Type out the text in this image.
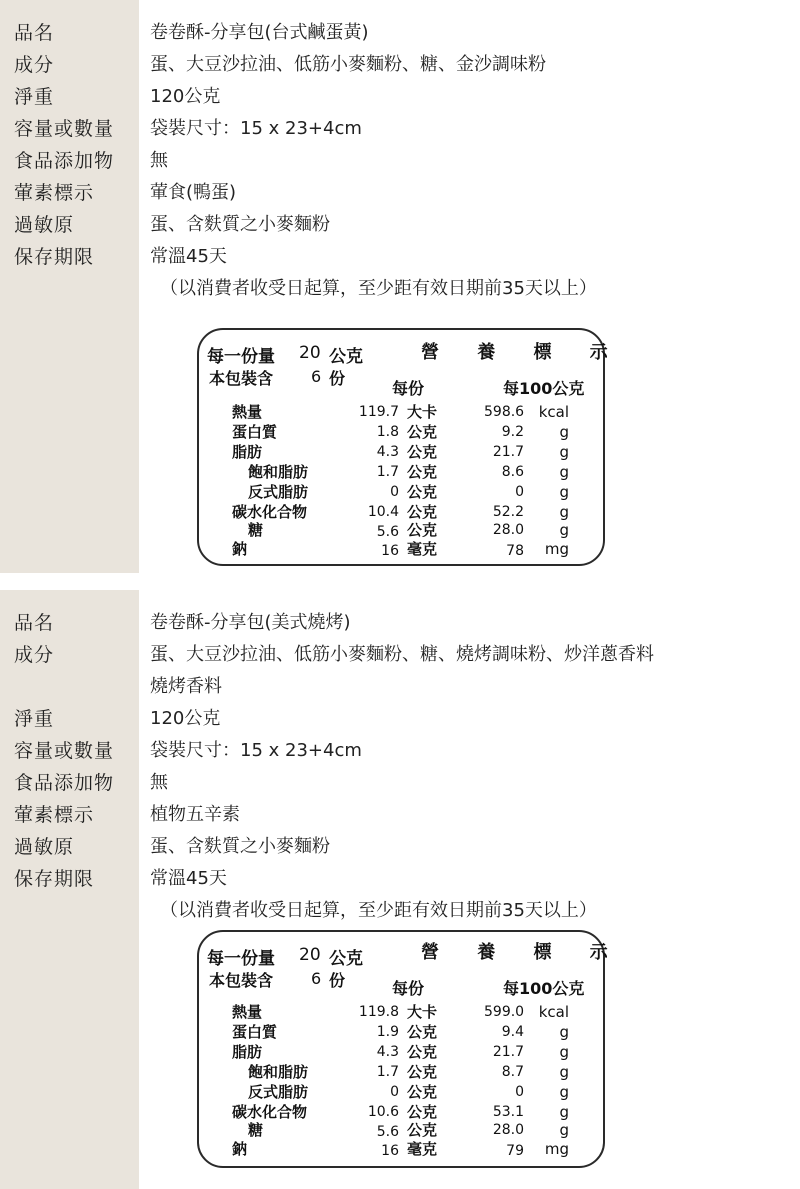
品名	卷卷酥-分享包(台式鹹蛋黃)
成分	蛋、大豆沙拉油、低筋小麥麵粉、糖、金沙調味粉
淨重	120公克
容量或數量 袋裝尺寸：15 x 23+4cm
食品添加物 無
葷素標示	葷食(鴨蛋)
過敏原	蛋、含麩質之小麥麵粉
保存期限	常溫45天
（以消費者收受日起算，至少距有效日期前35天以上）
每一份量 20 公克	營 養 標 示
本包裝含 6 份
每份	每100公克
熱量	119.7 大卡	598.6 kcal
蛋白質	1.8 公克	9.2	g
脂肪	4.3 公克	21.7	g
飽和脂肪	1.7 公克	8.6	g
反式脂肪	0 公克	0	g
碳水化合物	10.4 公克	52.2	g
糖	5.6 公克	28.0	g
鈉	16 毫克	78	mg
品名	卷卷酥-分享包(美式燒烤)
成分	蛋、大豆沙拉油、低筋小麥麵粉、糖、燒烤調味粉、炒洋蔥香料
燒烤香料
淨重	120公克
容量或數量 袋裝尺寸：15 x 23+4cm
食品添加物 無
葷素標示	植物五辛素
過敏原	蛋、含麩質之小麥麵粉
保存期限	常溫45天
（以消費者收受日起算，至少距有效日期前35天以上）
每一份量 20 公克	營 養 標 示
本包裝含 6 份	每份	每100公克
熱量	119.8 大卡	599.0 kcal
蛋白質	1.9 公克	9.4	g
脂肪	4.3 公克	21.7	g
飽和脂肪	1.7 公克	8.7	g
反式脂肪	0 公克	0	g
碳水化合物	10.6 公克	53.1	g
糖	5.6 公克	28.0	g
鈉	16 毫克	79	mg
